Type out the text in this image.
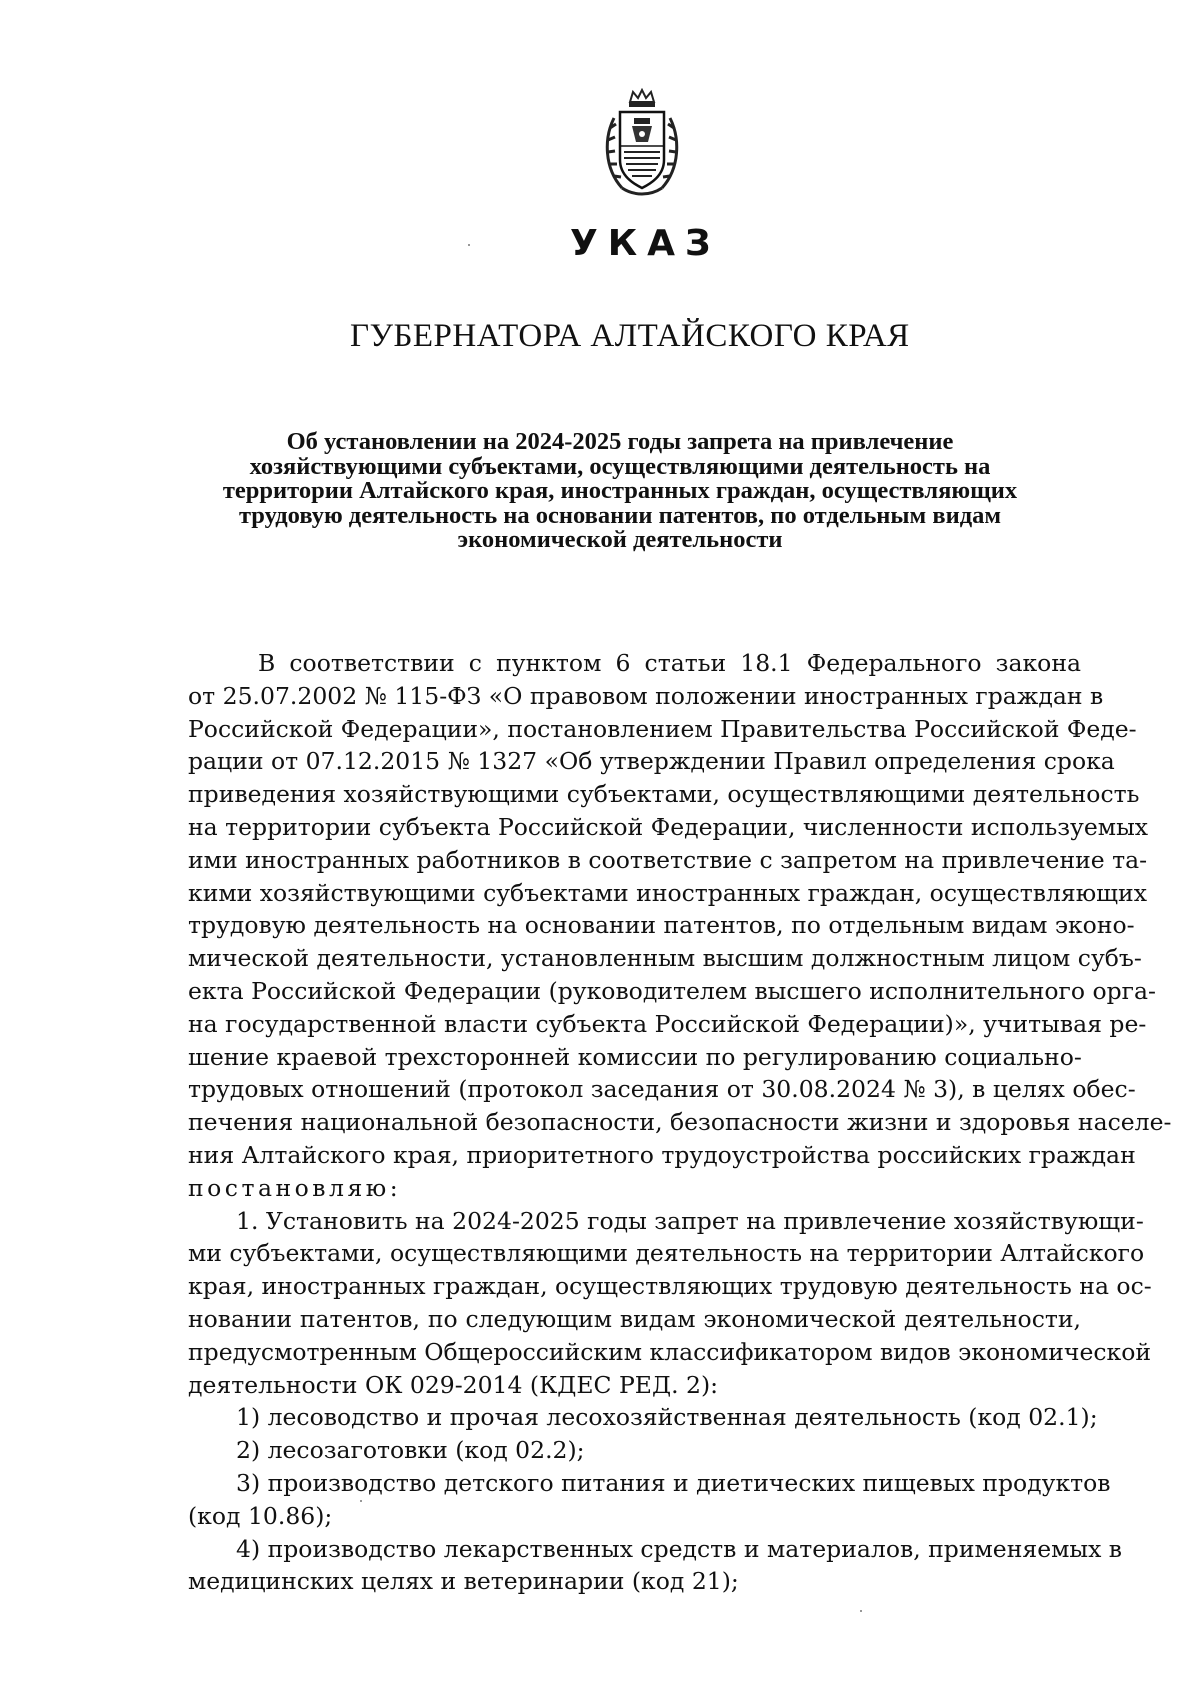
УКАЗ
ГУБЕРНАТОРА АЛТАЙСКОГО КРАЯ
Об установлении на 2024-2025 годы запрета на привлечение
хозяйствующими субъектами, осуществляющими деятельность на
территории Алтайского края, иностранных граждан, осуществляющих
трудовую деятельность на основании патентов, по отдельным видам
экономической деятельности
В соответствии с пунктом 6 статьи 18.1 Федерального закона
от 25.07.2002 № 115-ФЗ «О правовом положении иностранных граждан в
Российской Федерации», постановлением Правительства Российской Феде-
рации от 07.12.2015 № 1327 «Об утверждении Правил определения срока
приведения хозяйствующими субъектами, осуществляющими деятельность
на территории субъекта Российской Федерации, численности используемых
ими иностранных работников в соответствие с запретом на привлечение та-
кими хозяйствующими субъектами иностранных граждан, осуществляющих
трудовую деятельность на основании патентов, по отдельным видам эконо-
мической деятельности, установленным высшим должностным лицом субъ-
екта Российской Федерации (руководителем высшего исполнительного орга-
на государственной власти субъекта Российской Федерации)», учитывая ре-
шение краевой трехсторонней комиссии по регулированию социально-
трудовых отношений (протокол заседания от 30.08.2024 № 3), в целях обес-
печения национальной безопасности, безопасности жизни и здоровья населе-
ния Алтайского края, приоритетного трудоустройства российских граждан
постановляю:
1. Установить на 2024-2025 годы запрет на привлечение хозяйствующи-
ми субъектами, осуществляющими деятельность на территории Алтайского
края, иностранных граждан, осуществляющих трудовую деятельность на ос-
новании патентов, по следующим видам экономической деятельности,
предусмотренным Общероссийским классификатором видов экономической
деятельности ОК 029-2014 (КДЕС РЕД. 2):
1) лесоводство и прочая лесохозяйственная деятельность (код 02.1);
2) лесозаготовки (код 02.2);
3) производство детского питания и диетических пищевых продуктов
(код 10.86);
4) производство лекарственных средств и материалов, применяемых в
медицинских целях и ветеринарии (код 21);
